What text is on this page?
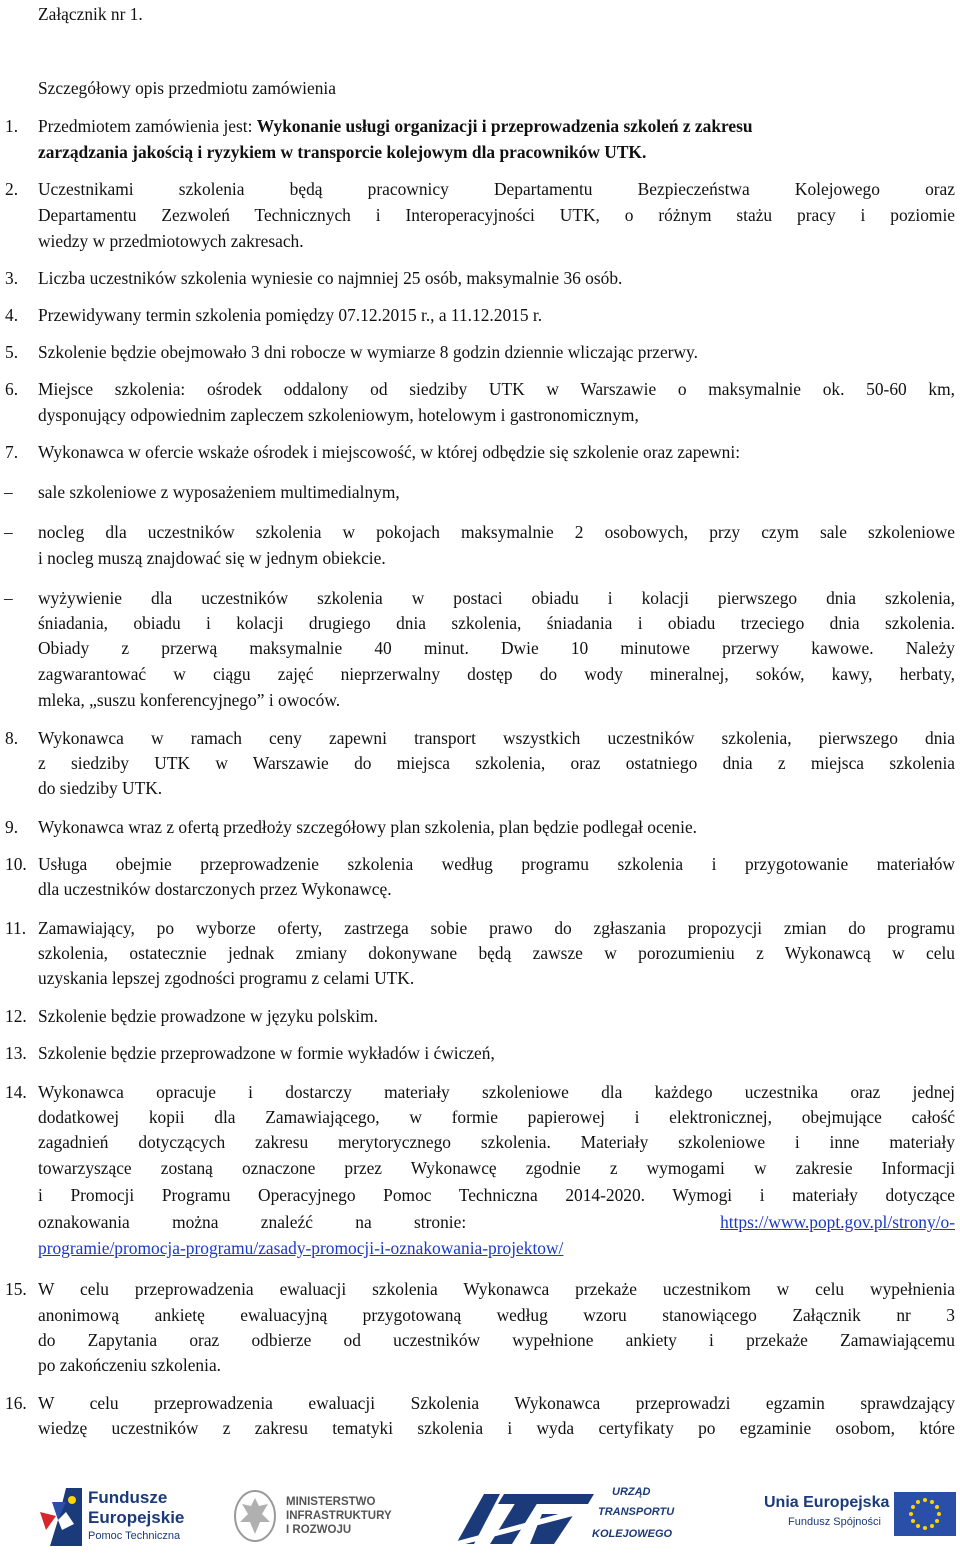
Załącznik nr 1.
Szczegółowy opis przedmiotu zamówienia
1. Przedmiotem zamówienia jest: Wykonanie usługi organizacji i przeprowadzenia szkoleń z zakresu
zarządzania jakością i ryzykiem w transporcie kolejowym dla pracowników UTK.
2. Uczestnikami szkolenia będą pracownicy Departamentu Bezpieczeństwa Kolejowego oraz
Departamentu Zezwoleń Technicznych i Interoperacyjności UTK, o różnym stażu pracy i poziomie
wiedzy w przedmiotowych zakresach.
3. Liczba uczestników szkolenia wyniesie co najmniej 25 osób, maksymalnie 36 osób.
4. Przewidywany termin szkolenia pomiędzy 07.12.2015 r., a 11.12.2015 r.
5. Szkolenie będzie obejmowało 3 dni robocze w wymiarze 8 godzin dziennie wliczając przerwy.
6. Miejsce szkolenia: ośrodek oddalony od siedziby UTK w Warszawie o maksymalnie ok. 50-60 km,
dysponujący odpowiednim zapleczem szkoleniowym, hotelowym i gastronomicznym,
7. Wykonawca w ofercie wskaże ośrodek i miejscowość, w której odbędzie się szkolenie oraz zapewni:
– sale szkoleniowe z wyposażeniem multimedialnym,
– nocleg dla uczestników szkolenia w pokojach maksymalnie 2 osobowych, przy czym sale szkoleniowe
i nocleg muszą znajdować się w jednym obiekcie.
– wyżywienie dla uczestników szkolenia w postaci obiadu i kolacji pierwszego dnia szkolenia,
śniadania, obiadu i kolacji drugiego dnia szkolenia, śniadania i obiadu trzeciego dnia szkolenia.
Obiady z przerwą maksymalnie 40 minut. Dwie 10 minutowe przerwy kawowe. Należy
zagwarantować w ciągu zajęć nieprzerwalny dostęp do wody mineralnej, soków, kawy, herbaty,
mleka, „suszu konferencyjnego” i owoców.
8. Wykonawca w ramach ceny zapewni transport wszystkich uczestników szkolenia, pierwszego dnia
z siedziby UTK w Warszawie do miejsca szkolenia, oraz ostatniego dnia z miejsca szkolenia
do siedziby UTK.
9. Wykonawca wraz z ofertą przedłoży szczegółowy plan szkolenia, plan będzie podlegał ocenie.
10. Usługa obejmie przeprowadzenie szkolenia według programu szkolenia i przygotowanie materiałów
dla uczestników dostarczonych przez Wykonawcę.
11. Zamawiający, po wyborze oferty, zastrzega sobie prawo do zgłaszania propozycji zmian do programu
szkolenia, ostatecznie jednak zmiany dokonywane będą zawsze w porozumieniu z Wykonawcą w celu
uzyskania lepszej zgodności programu z celami UTK.
12. Szkolenie będzie prowadzone w języku polskim.
13. Szkolenie będzie przeprowadzone w formie wykładów i ćwiczeń,
14. Wykonawca opracuje i dostarczy materiały szkoleniowe dla każdego uczestnika oraz jednej
dodatkowej kopii dla Zamawiającego, w formie papierowej i elektronicznej, obejmujące całość
zagadnień dotyczących zakresu merytorycznego szkolenia. Materiały szkoleniowe i inne materiały
towarzyszące zostaną oznaczone przez Wykonawcę zgodnie z wymogami w zakresie Informacji
i Promocji Programu Operacyjnego Pomoc Techniczna 2014-2020. Wymogi i materiały dotyczące
oznakowania można znaleźć na stronie:	https://www.popt.gov.pl/strony/o-
programie/promocja-programu/zasady-promocji-i-oznakowania-projektow/
15. W celu przeprowadzenia ewaluacji szkolenia Wykonawca przekaże uczestnikom w celu wypełnienia
anonimową ankietę ewaluacyjną przygotowaną według wzoru stanowiącego Załącznik nr 3
do Zapytania oraz odbierze od uczestników wypełnione ankiety i przekaże Zamawiającemu
po zakończeniu szkolenia.
16. W celu przeprowadzenia ewaluacji Szkolenia Wykonawca przeprowadzi egzamin sprawdzający
wiedzę uczestników z zakresu tematyki szkolenia i wyda certyfikaty po egzaminie osobom, które
Fundusze
Europejskie
Pomoc Techniczna
MINISTERSTWO
INFRASTRUKTURY
I ROZWOJU
URZĄD
TRANSPORTU
KOLEJOWEGO
Unia Europejska
Fundusz Spójności
